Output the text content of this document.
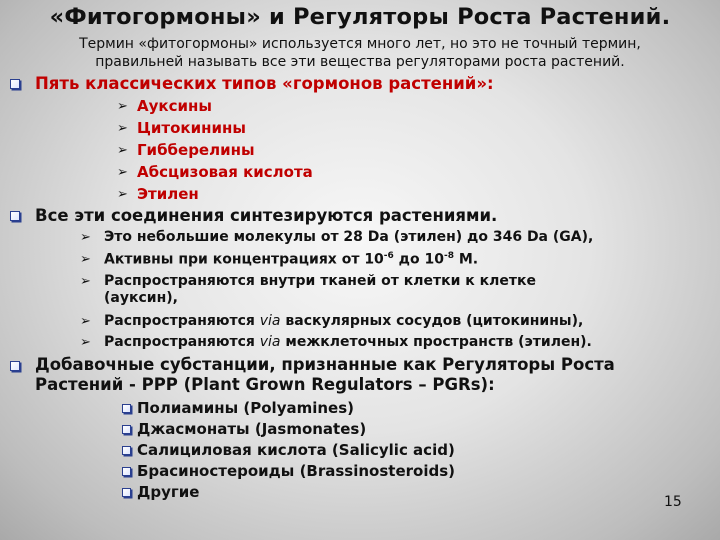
«Фитогормоны» и Регуляторы Роста Растений.

Термин «фитогормоны» используется много лет, но это не точный термин,

правильней называть все эти вещества регуляторами роста растений.

Пять классических типов «гормонов растений»:

➢ Ауксины

➢ Цитокинины

➢ Гибберелины

➢ Абсцизовая кислота

➢ Этилен

Все эти соединения синтезируются растениями.

➢ Это небольшие молекулы от 28 Da (этилен) до 346 Da (GA),

➢ Активны при концентрациях от $10^{-6}$ до $10^{-8}$ M.

➢ Распространяются внутри тканей от клетки к клетке

(ауксин),

➢ Распространяются via васкулярных сосудов (цитокинины),

➢ Распространяются via межклеточных пространств (этилен).

Добавочные субстанции, признанные как Регуляторы Роста

Растений - PPP (Plant Grown Regulators – PGRs):

Полиамины (Polyamines)

Джасмонаты (Jasmonates)

Салициловая кислота (Salicylic acid)

Брасиностероиды (Brassinosteroids)

Другие

15
